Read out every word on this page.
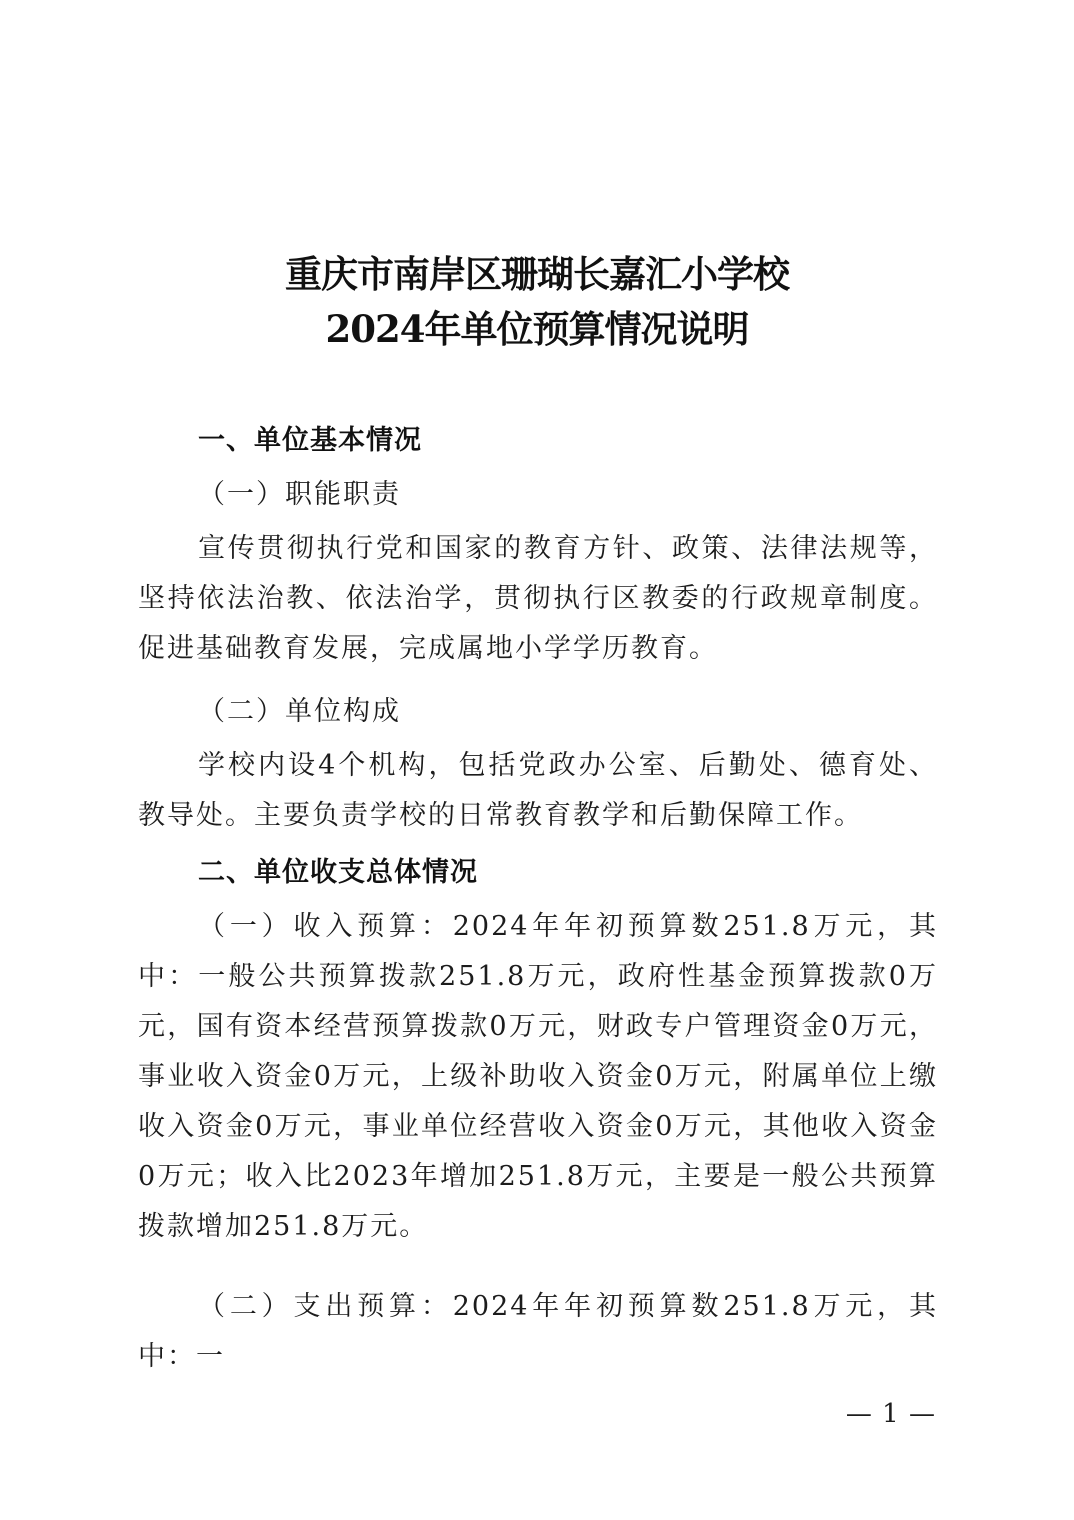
重庆市南岸区珊瑚长嘉汇小学校
2024年单位预算情况说明
一、单位基本情况
（一）职能职责
宣传贯彻执行党和国家的教育方针、政策、法律法规等，坚持依法治教、依法治学，贯彻执行区教委的行政规章制度。促进基础教育发展，完成属地小学学历教育。
（二）单位构成
学校内设4个机构，包括党政办公室、后勤处、德育处、教导处。主要负责学校的日常教育教学和后勤保障工作。
二、单位收支总体情况
（一）收入预算：2024年年初预算数251.8万元，其中：一般公共预算拨款251.8万元，政府性基金预算拨款0万元，国有资本经营预算拨款0万元，财政专户管理资金0万元，事业收入资金0万元，上级补助收入资金0万元，附属单位上缴收入资金0万元，事业单位经营收入资金0万元，其他收入资金0万元；收入比2023年增加251.8万元，主要是一般公共预算拨款增加251.8万元。
（二）支出预算：2024年年初预算数251.8万元，其中：一
— 1 —
